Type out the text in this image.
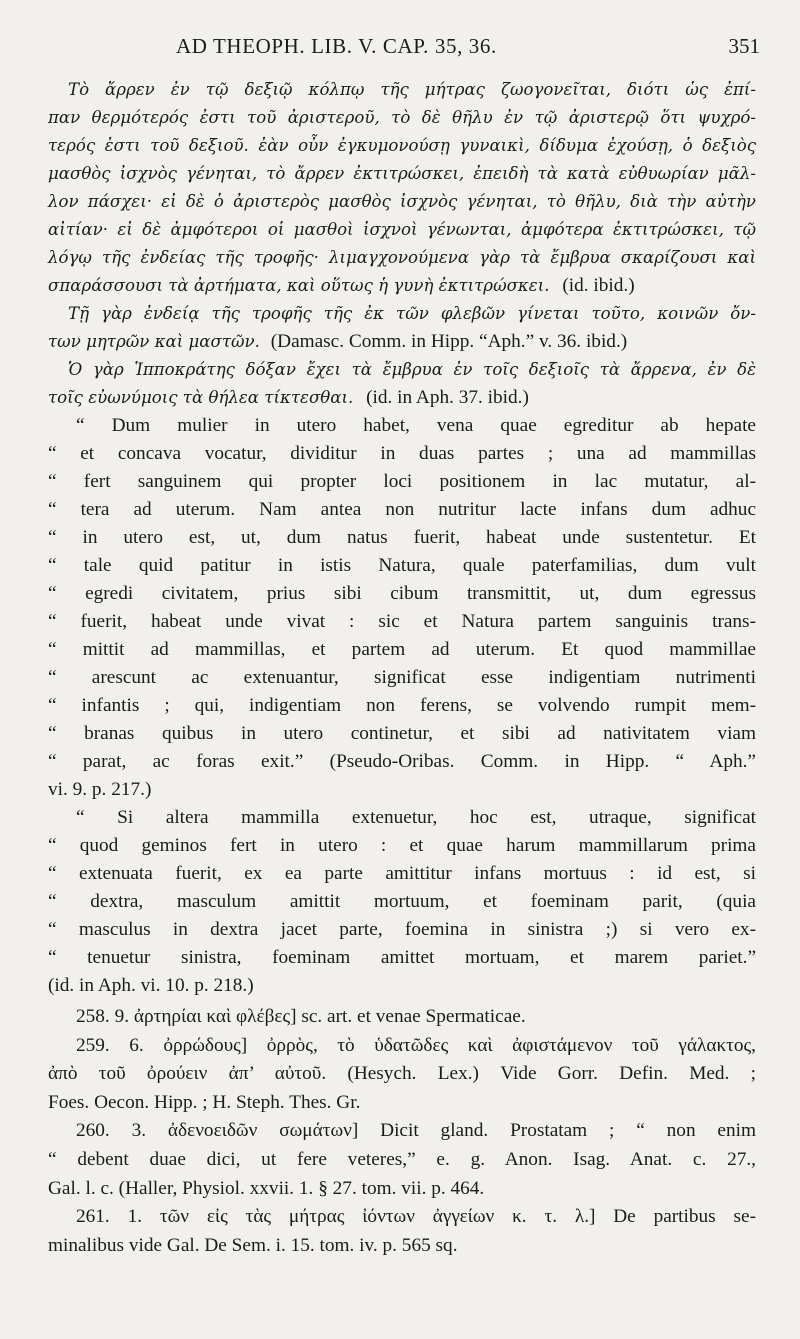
AD THEOPH. LIB. V. CAP. 35, 36.	351
Τὸ ἄρρεν ἐν τῷ δεξιῷ κόλπῳ τῆς μήτρας ζωογονεῖται, διότι ὡς ἐπί-
παν θερμότερός ἐστι τοῦ ἀριστεροῦ, τὸ δὲ θῆλυ ἐν τῷ ἀριστερῷ ὅτι ψυχρό-
τερός ἐστι τοῦ δεξιοῦ. ἐὰν οὖν ἐγκυμονούσῃ γυναικὶ, δίδυμα ἐχούσῃ, ὁ δεξιὸς
μασθὸς ἰσχνὸς γένηται, τὸ ἄρρεν ἐκτιτρώσκει, ἐπειδὴ τὰ κατὰ εὐθυωρίαν μᾶλ-
λον πάσχει· εἰ δὲ ὁ ἀριστερὸς μασθὸς ἰσχνὸς γένηται, τὸ θῆλυ, διὰ τὴν αὐτὴν
αἰτίαν· εἰ δὲ ἀμφότεροι οἱ μασθοὶ ἰσχνοὶ γένωνται, ἀμφότερα ἐκτιτρώσκει, τῷ
λόγῳ τῆς ἐνδείας τῆς τροφῆς· λιμαγχονούμενα γὰρ τὰ ἔμβρυα σκαρίζουσι καὶ
σπαράσσουσι τὰ ἀρτήματα, καὶ οὕτως ἡ γυνὴ ἐκτιτρώσκει. (id. ibid.)
Τῇ γὰρ ἐνδείᾳ τῆς τροφῆς τῆς ἐκ τῶν φλεβῶν γίνεται τοῦτο, κοινῶν ὄν-
των μητρῶν καὶ μαστῶν. (Damasc. Comm. in Hipp. “Aph.” v. 36. ibid.)
Ὁ γὰρ Ἱπποκράτης δόξαν ἔχει τὰ ἔμβρυα ἐν τοῖς δεξιοῖς τὰ ἄρρενα, ἐν δὲ
τοῖς εὐωνύμοις τὰ θήλεα τίκτεσθαι. (id. in Aph. 37. ibid.)
“ Dum mulier in utero habet, vena quae egreditur ab hepate
“ et concava vocatur, dividitur in duas partes ; una ad mammillas
“ fert sanguinem qui propter loci positionem in lac mutatur, al-
“ tera ad uterum. Nam antea non nutritur lacte infans dum adhuc
“ in utero est, ut, dum natus fuerit, habeat unde sustentetur. Et
“ tale quid patitur in istis Natura, quale paterfamilias, dum vult
“ egredi civitatem, prius sibi cibum transmittit, ut, dum egressus
“ fuerit, habeat unde vivat : sic et Natura partem sanguinis trans-
“ mittit ad mammillas, et partem ad uterum. Et quod mammillae
“ arescunt ac extenuantur, significat esse indigentiam nutrimenti
“ infantis ; qui, indigentiam non ferens, se volvendo rumpit mem-
“ branas quibus in utero continetur, et sibi ad nativitatem viam
“ parat, ac foras exit.” (Pseudo-Oribas. Comm. in Hipp. “ Aph.”
vi. 9. p. 217.)
“ Si altera mammilla extenuetur, hoc est, utraque, significat
“ quod geminos fert in utero : et quae harum mammillarum prima
“ extenuata fuerit, ex ea parte amittitur infans mortuus : id est, si
“ dextra, masculum amittit mortuum, et foeminam parit, (quia
“ masculus in dextra jacet parte, foemina in sinistra ;) si vero ex-
“ tenuetur sinistra, foeminam amittet mortuam, et marem pariet.”
(id. in Aph. vi. 10. p. 218.)
258. 9. ἀρτηρίαι καὶ φλέβες] sc. art. et venae Spermaticae.
259. 6. ὀρρώδους] ὀρρὸς, τὸ ὑδατῶδες καὶ ἀφιστάμενον τοῦ γάλακτος,
ἀπὸ τοῦ ὀρούειν ἀπ’ αὐτοῦ. (Hesych. Lex.) Vide Gorr. Defin. Med. ;
Foes. Oecon. Hipp. ; H. Steph. Thes. Gr.
260. 3. ἀδενοειδῶν σωμάτων] Dicit gland. Prostatam ; “ non enim
“ debent duae dici, ut fere veteres,” e. g. Anon. Isag. Anat. c. 27.,
Gal. l. c. (Haller, Physiol. xxvii. 1. § 27. tom. vii. p. 464.
261. 1. τῶν εἰς τὰς μήτρας ἰόντων ἀγγείων κ. τ. λ.] De partibus se-
minalibus vide Gal. De Sem. i. 15. tom. iv. p. 565 sq.
